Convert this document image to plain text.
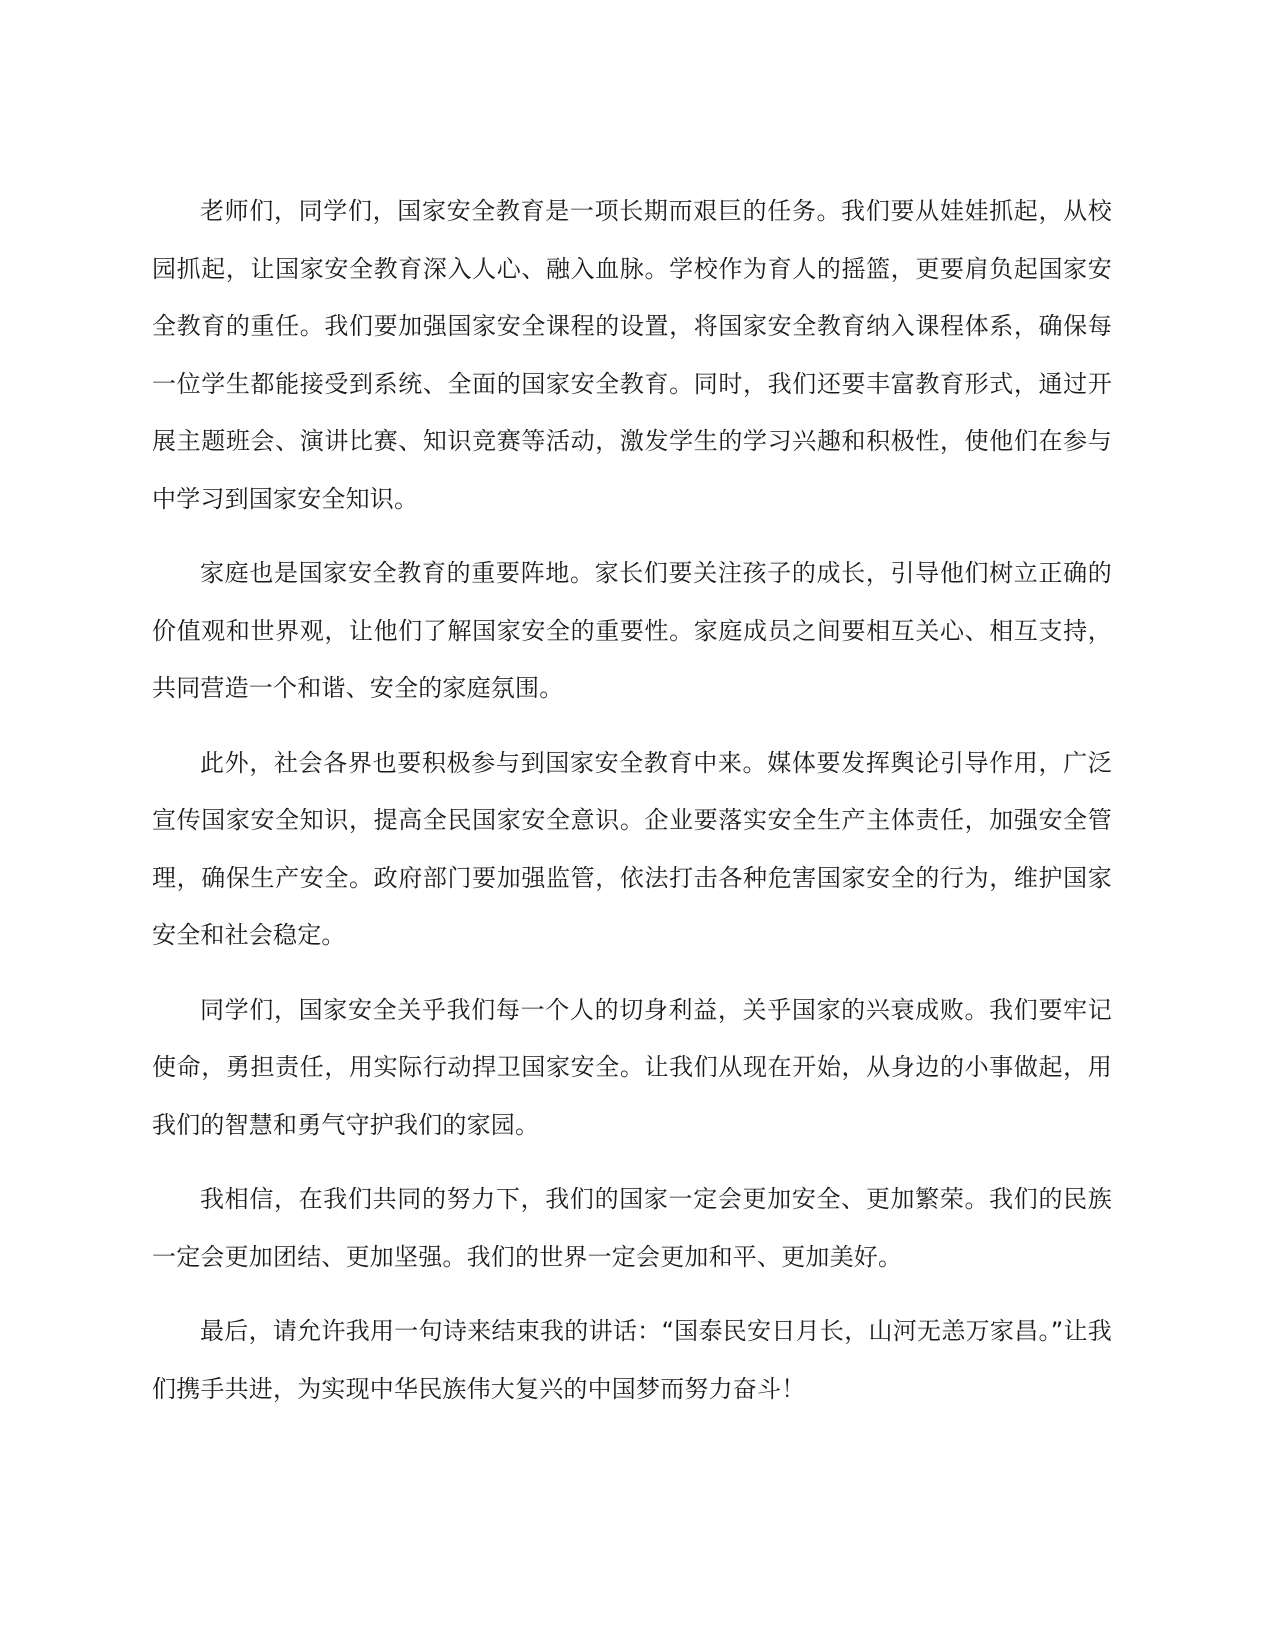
老师们，同学们，国家安全教育是一项长期而艰巨的任务。我们要从娃娃抓起，从校园抓起，让国家安全教育深入人心、融入血脉。学校作为育人的摇篮，更要肩负起国家安全教育的重任。我们要加强国家安全课程的设置，将国家安全教育纳入课程体系，确保每一位学生都能接受到系统、全面的国家安全教育。同时，我们还要丰富教育形式，通过开展主题班会、演讲比赛、知识竞赛等活动，激发学生的学习兴趣和积极性，使他们在参与中学习到国家安全知识。

家庭也是国家安全教育的重要阵地。家长们要关注孩子的成长，引导他们树立正确的价值观和世界观，让他们了解国家安全的重要性。家庭成员之间要相互关心、相互支持，共同营造一个和谐、安全的家庭氛围。

此外，社会各界也要积极参与到国家安全教育中来。媒体要发挥舆论引导作用，广泛宣传国家安全知识，提高全民国家安全意识。企业要落实安全生产主体责任，加强安全管理，确保生产安全。政府部门要加强监管，依法打击各种危害国家安全的行为，维护国家安全和社会稳定。

同学们，国家安全关乎我们每一个人的切身利益，关乎国家的兴衰成败。我们要牢记使命，勇担责任，用实际行动捍卫国家安全。让我们从现在开始，从身边的小事做起，用我们的智慧和勇气守护我们的家园。

我相信，在我们共同的努力下，我们的国家一定会更加安全、更加繁荣。我们的民族一定会更加团结、更加坚强。我们的世界一定会更加和平、更加美好。

最后，请允许我用一句诗来结束我的讲话：“国泰民安日月长，山河无恙万家昌。”让我们携手共进，为实现中华民族伟大复兴的中国梦而努力奋斗！
